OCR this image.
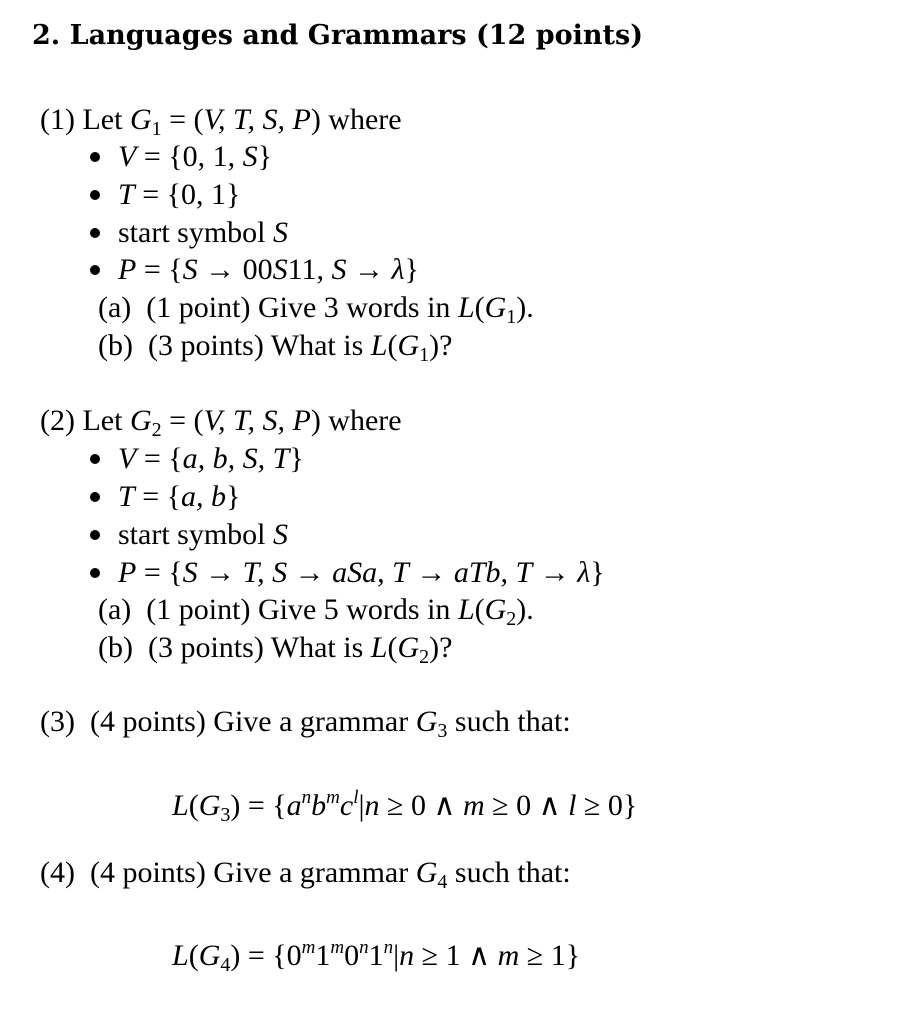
2. Languages and Grammars (12 points)
(1) Let $G_1 = (V$, T, S, P) where
V = {0, 1, S}
T = {0, 1}
start symbol S
P = {S → 00S11, S → λ}
(a)  (1 point) Give 3 words in $L(G_1)$.
(b)  (3 points) What is $L(G_1)$?
(2) Let $G_2 = (V$, T, S, P) where
V = {a, b, S, T}
T = {a, b}
start symbol S
P = {S → T, S → aSa, T → aTb, T → λ}
(a)  (1 point) Give 5 words in $L(G_2)$.
(b)  (3 points) What is $L(G_2)$?
(3)  (4 points) Give a grammar $G_3$ such that:
$L(G_3) = \{a^nb^mc^l|n \ge 0$ ∧ m ≥ 0 ∧ l ≥ 0}
(4)  (4 points) Give a grammar $G_4$ such that:
$L(G_4) = \{0^m1^m0^n1^n|n \ge 1$ ∧ m ≥ 1}
